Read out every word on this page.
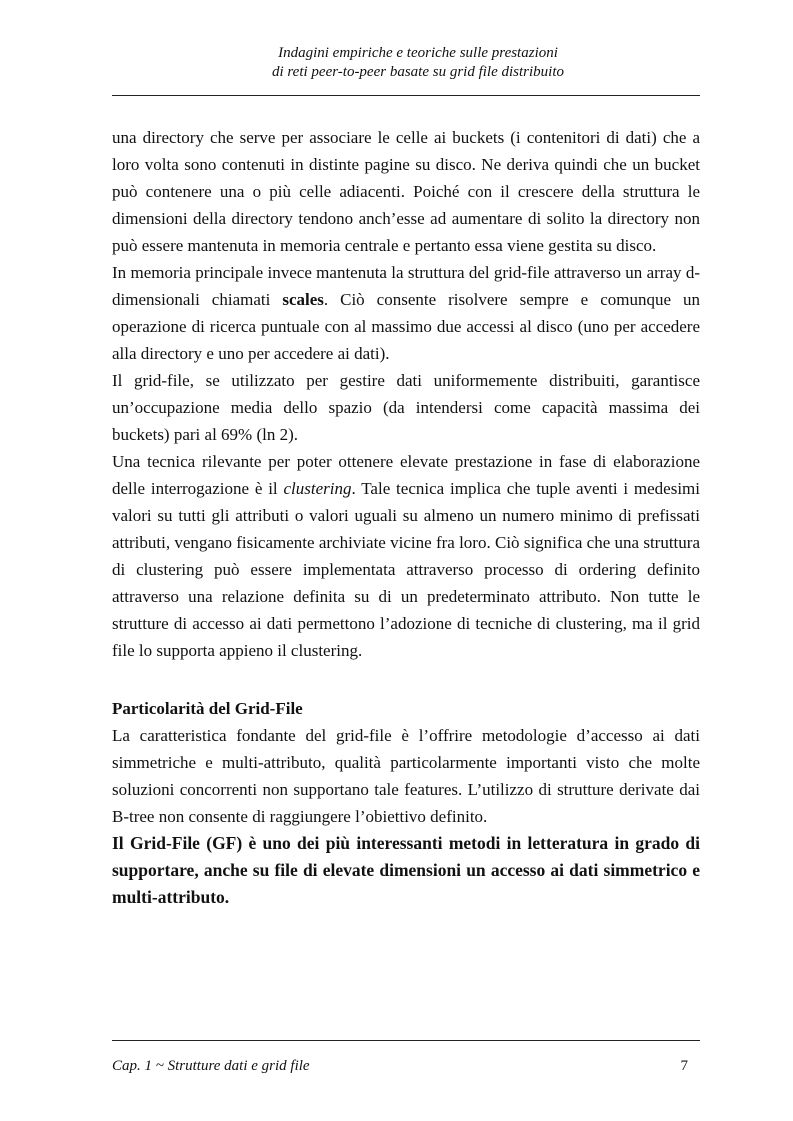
Indagini empiriche e teoriche sulle prestazioni
di reti peer-to-peer basate su grid file distribuito

una directory che serve per associare le celle ai buckets (i contenitori di dati) che a loro volta sono contenuti in distinte pagine su disco. Ne deriva quindi che un bucket può contenere una o più celle adiacenti. Poiché con il crescere della struttura le dimensioni della directory tendono anch’esse ad aumentare di solito la directory non può essere mantenuta in memoria centrale e pertanto essa viene gestita su disco.

In memoria principale invece mantenuta la struttura del grid-file attraverso un array d-dimensionali chiamati scales. Ciò consente risolvere sempre e comunque un operazione di ricerca puntuale con al massimo due accessi al disco (uno per accedere alla directory e uno per accedere ai dati).

Il grid-file, se utilizzato per gestire dati uniformemente distribuiti, garantisce un’occupazione media dello spazio (da intendersi come capacità massima dei buckets) pari al 69% (ln 2).

Una tecnica rilevante per poter ottenere elevate prestazione in fase di elaborazione delle interrogazione è il clustering. Tale tecnica implica che tuple aventi i medesimi valori su tutti gli attributi o valori uguali su almeno un numero minimo di prefissati attributi, vengano fisicamente archiviate vicine fra loro. Ciò significa che una struttura di clustering può essere implementata attraverso processo di ordering definito attraverso una relazione definita su di un predeterminato attributo. Non tutte le strutture di accesso ai dati permettono l’adozione di tecniche di clustering, ma il grid file lo supporta appieno il clustering.

Particolarità del Grid-File

La caratteristica fondante del grid-file è l’offrire metodologie d’accesso ai dati simmetriche e multi-attributo, qualità particolarmente importanti visto che molte soluzioni concorrenti non supportano tale features. L’utilizzo di strutture derivate dai B-tree non consente di raggiungere l’obiettivo definito.

Il Grid-File (GF) è uno dei più interessanti metodi in letteratura in grado di supportare, anche su file di elevate dimensioni un accesso ai dati simmetrico e multi-attributo.

Cap. 1 ~ Strutture dati e grid file	7
